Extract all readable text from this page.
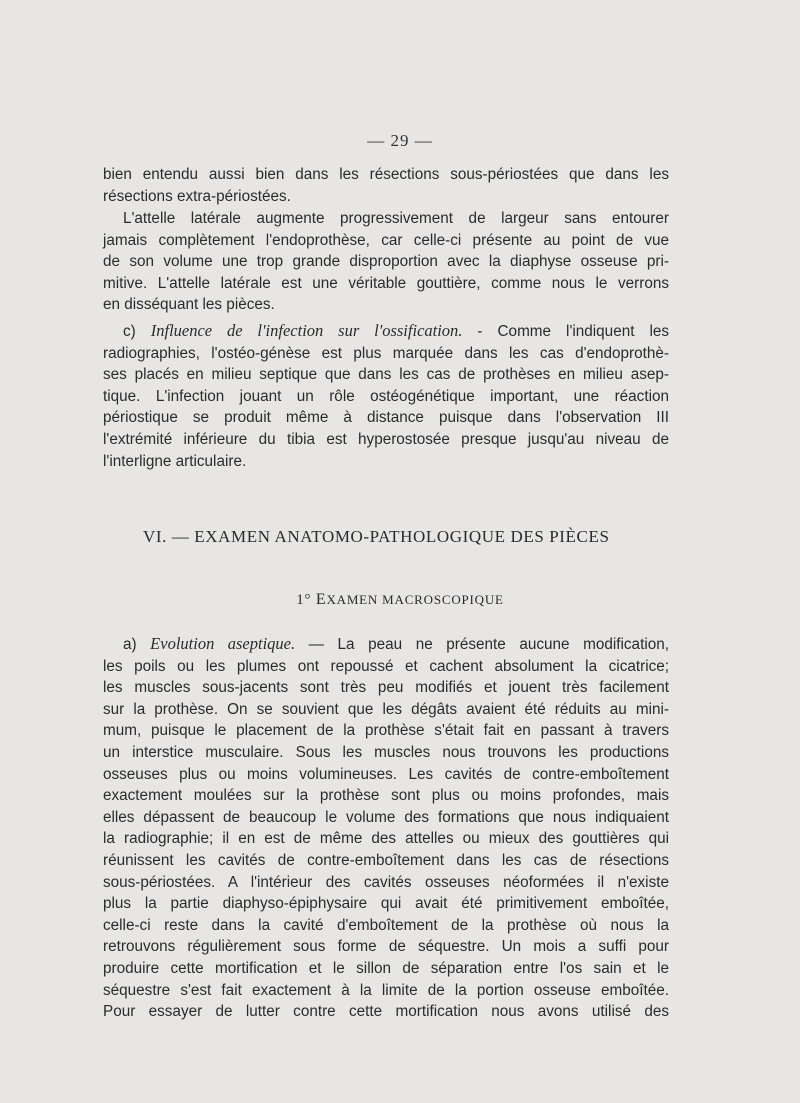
— 29 —
bien entendu aussi bien dans les résections sous-périostées que dans les
résections extra-périostées.
L'attelle latérale augmente progressivement de largeur sans entourer
jamais complètement l'endoprothèse, car celle-ci présente au point de vue
de son volume une trop grande disproportion avec la diaphyse osseuse pri-
mitive. L'attelle latérale est une véritable gouttière, comme nous le verrons
en disséquant les pièces.
c) Influence de l'infection sur l'ossification. - Comme l'indiquent les
radiographies, l'ostéo-génèse est plus marquée dans les cas d'endoprothè-
ses placés en milieu septique que dans les cas de prothèses en milieu asep-
tique. L'infection jouant un rôle ostéogénétique important, une réaction
périostique se produit même à distance puisque dans l'observation III
l'extrémité inférieure du tibia est hyperostosée presque jusqu'au niveau de
l'interligne articulaire.
VI. — EXAMEN ANATOMO-PATHOLOGIQUE DES PIÈCES
1° EXAMEN MACROSCOPIQUE
a) Evolution aseptique. — La peau ne présente aucune modification,
les poils ou les plumes ont repoussé et cachent absolument la cicatrice;
les muscles sous-jacents sont très peu modifiés et jouent très facilement
sur la prothèse. On se souvient que les dégâts avaient été réduits au mini-
mum, puisque le placement de la prothèse s'était fait en passant à travers
un interstice musculaire. Sous les muscles nous trouvons les productions
osseuses plus ou moins volumineuses. Les cavités de contre-emboîtement
exactement moulées sur la prothèse sont plus ou moins profondes, mais
elles dépassent de beaucoup le volume des formations que nous indiquaient
la radiographie; il en est de même des attelles ou mieux des gouttières qui
réunissent les cavités de contre-emboîtement dans les cas de résections
sous-périostées. A l'intérieur des cavités osseuses néoformées il n'existe
plus la partie diaphyso-épiphysaire qui avait été primitivement emboîtée,
celle-ci reste dans la cavité d'emboîtement de la prothèse où nous la
retrouvons régulièrement sous forme de séquestre. Un mois a suffi pour
produire cette mortification et le sillon de séparation entre l'os sain et le
séquestre s'est fait exactement à la limite de la portion osseuse emboîtée.
Pour essayer de lutter contre cette mortification nous avons utilisé des
